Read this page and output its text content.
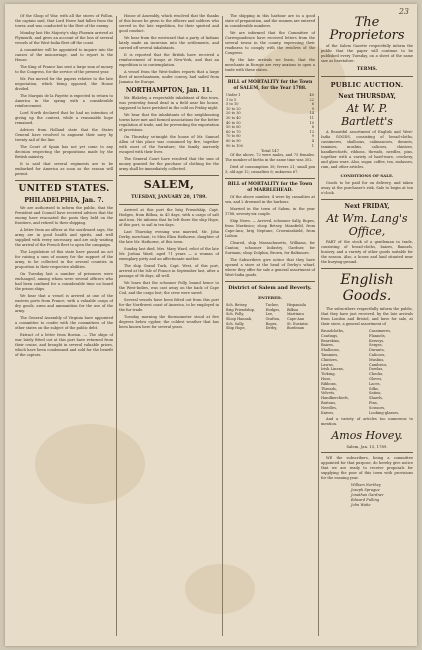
23

Of the Sloop of War, with all the stores of Pollux, the captain said, that Lord Howe had fallen from the tower, and was conducted to the fleet of the enemy.

Monday last His Majesty's ship Phoenix arrived at Plymouth, and gives an account of the loss of several vessels of the West-India fleet off the coast.

A committee will be appointed to inquire into the causes of the miscarriage, and to report to the House.

The King of France has sent a large sum of money to the Congress, for the service of the present year.

Mr. Fox moved for the papers relative to the late negociation, which being opposed, the House divided.

The Marquis de la Fayette is expected to return to America in the spring with a considerable reinforcement.

Lord North declared that he had no intention of giving up the contest, while a reasonable hope remained.

Advices from Holland state that the States General have resolved to augment their navy by twenty sail of the line.

The Court of Spain has not yet come to any decision respecting the propositions made by the British ministry.

It is said that several regiments are to be embarked for America as soon as the season will permit.

UNITED STATES.
PHILADELPHIA, Jan. 7.

We are authorised to inform the public, that the President and Council have received advices that the enemy have evacuated the posts they held on the frontiers, and retired to their shipping.

A letter from an officer at the southward says, the army are in good health and spirits, and well supplied with every necessary, and are only waiting the arrival of the French fleet to open the campaign.

The Legislature of this state have passed an act for raising a sum of money for the support of the army, to be collected in the several counties in proportion to their respective abilities.

On Tuesday last a number of prisoners were exchanged, among whom were several officers who had been confined for a considerable time on board the prison ships.

We hear that a vessel is arrived at one of the eastern ports from France, with a valuable cargo of dry goods, arms and ammunition for the use of the army.

The General Assembly of Virginia have appointed a committee to confer with the committees of the other states on the subject of the public debt.

Extract of a letter from Boston. — The ships of war lately fitted out at this port have returned from their cruize, and brought in several valuable prizes, which have been condemned and sold for the benefit of the captors.

House of Assembly, which resolved that the thanks of this house be given to the officers and soldiers who served in the late expedition, for their spirited and good conduct.

We hear from the westward that a party of Indians lately made an incursion into the settlements, and carried off several inhabitants.

It is reported that the British have received a reinforcement of troops at New-York, and that an expedition is in contemplation.

A vessel from the West-Indies reports that a large fleet of merchantmen, under convoy, had sailed from Jamaica for Europe.

NORTHAMPTON, Jan. 11.

Mr. Blakeley, a respectable inhabitant of this town, was yesterday found dead in a field near his house, supposed to have perished in the cold on Friday night.

We hear that the inhabitants of the neighbouring towns have met and formed associations for the better regulation of trade, and for preventing the exportation of provisions.

On Thursday se'nnight the house of Mr. Samuel Allen of this place was consumed by fire, together with most of the furniture; the family narrowly escaped with their lives.

The General Court have resolved that the sum of money granted for the purchase of clothing for the army shall be immediately collected.

SALEM,
TUESDAY, JANUARY 20, 1789.

Arrived at this port the brig Friendship, Capt. Hodges, from Bilboa, in 45 days, with a cargo of salt and iron. He informs that he left there the ship Hope, of this port, to sail in ten days.

Last Thursday evening was married, Mr. John Derby, merchant, to Miss Eliza Hathorne, daughter of the late Mr. Hathorne, of this town.

Sunday last died, Mrs. Mary Ward, relict of the late Mr. Joshua Ward, aged 71 years — a woman of exemplary piety and an affectionate mother.

The ship Grand Turk, Capt. West, of this port, arrived at the Isle of France in September last, after a passage of 96 days, all well.

We learn that the schooner Polly, bound hence to the West-Indies, was cast away on the back of Cape Cod, and the cargo lost; the crew were saved.

Several vessels have been fitted out from this port for the Northwest coast of America, to be employed in the fur trade.

Tuesday morning the thermometer stood at five degrees below cypher, the coldest weather that has been known here for several years.

The shipping in this harbour are in a good state of preparation, and the seamen are entered in considerable numbers.

We are informed that the Committee of Correspondence have received letters from the several towns in the county, expressing their readiness to comply with the resolves of the Congress.

By the late arrivals we learn, that the merchants in Europe are very anxious to open a trade with these states.

BILL of MORTALITY for the Town of SALEM, for the Year 1788.
Under 1	40
1 to 5	22
5 to 10	6
10 to 20	9
20 to 30	14
30 to 40	11
40 to 50	10
50 to 60	8
60 to 70	13
70 to 80	9
80 to 90	4
90 to 100	1
Total 147

Of the above, 72 were males, and 75 females. The number of births in the same time was 302.

Died of consumption 38; fevers 21; small pox 3; old age 12; casualties 6; unknown 67.

BILL of MORTALITY for the Town of MARBLEHEAD.

Of the above number, 4 were by casualties at sea, and 2 drowned in the harbour.

Married in the town of Salem, in the year 1788, seventy-six couple.

Ship News. — Arrived, schooner Sally, Ropes, from Martinico; sloop Betsey, Mansfield, from Cape-Ann; brig Neptune, Crowninshield, from Lisbon.

Cleared, ship Massachusetts, Williams, for Canton; schooner Industry, Gardner, for Surinam; sloop Dolphin, Brown, for Baltimore.

The Subscribers give notice that they have opened a store at the head of Derby's wharf, where they offer for sale a general assortment of West-India goods.

District of Salem and Beverly.
ENTERED.
Sch. Betsey,	Tucker,	Hispaniola
Brig Friendship,	Hodges,	Bilboa
Sch. Polly,	Lee,	Martinico
Sloop Hannah,	Grafton,	Cape-Ann
Sch. Sally,	Ropes,	St. Eustatia
Ship Hope,	Derby,	Bordeaux
The Proprietors

of the Salem Gazette respectfully inform the public that the paper will continue to be published every Tuesday, on a sheet of the same size as heretofore.

TERMS.
PUBLIC AUCTION.
Next THURSDAY,
At W. P. Bartlett's

A Beautiful assortment of English and West-India GOODS, consisting of broad-cloths, cassimeres, shalloons, calimancoes, durants, tammies, muslins, calicoes, chintzes, handkerchiefs, ribbons, threads, needles, pins, together with a variety of hard-ware, crockery, and glass ware. Also, sugar, coffee, tea, molasses, rum, and other articles.

CONDITIONS OF SALE.

Goods to be paid for on delivery, and taken away at the purchaser's risk. Sale to begin at ten o'clock.

Next FRIDAY,
At Wm. Lang's Office,

PART of the stock of a gentleman in trade, consisting of broad-cloths, baizes, flannels, hosiery, and a variety of other goods suitable for the season. Also, a house and land situated near the burying-ground.

English Goods.

The subscribers respectfully inform the public, that they have just received, by the late arrivals from London and Bristol, and have for sale, at their store, a general assortment of

Broadcloths,	Cassimeres,
Coatings,	Flannels,
Bearskins,	Kerseys,
Baizes,	Serges,
Shalloons,	Durants,
Tammies,	Calicoes,
Chintzes,	Muslins,
Lawns,	Cambrics,
Irish Linens,	Dowlas,
Ticking,	Checks,
Hose,	Gloves,
Ribbons,	Laces,
Threads,	Silks,
Velvets,	Satins,
Handkerchiefs,	Shawls,
Buttons,	Pins,
Needles,	Scissors,
Knives,	Looking-glasses,

And a variety of articles too numerous to mention.

Amos Hovey.
Salem, Jan. 15, 1789.

WE the subscribers, being a committee appointed for that purpose, do hereby give notice that we are ready to receive proposals for supplying the poor of this town with provisions for the ensuing year.

William Northey
Joseph Sprague
Jonathan Gardner
Edward Pulling
John Waite
